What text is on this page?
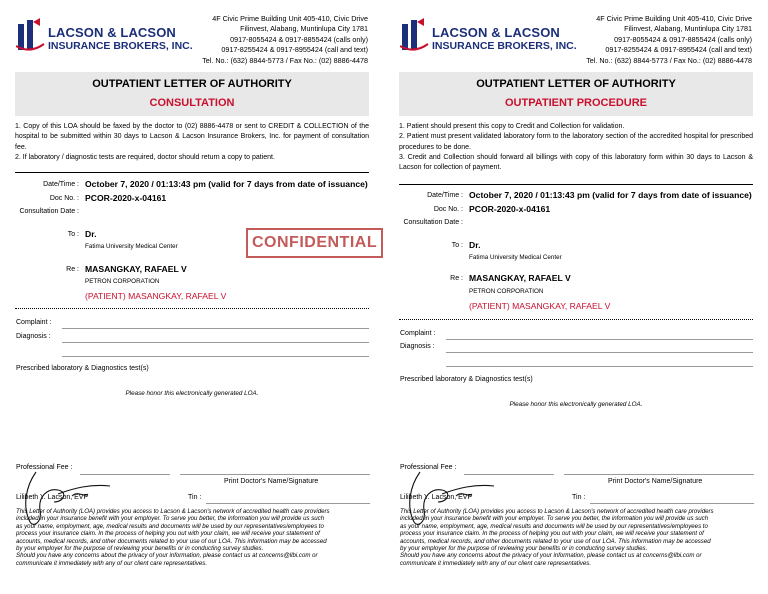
LACSON & LACSON
INSURANCE BROKERS, INC.
4F Civic Prime Building Unit 405-410, Civic Drive
Filinvest, Alabang, Muntinlupa City 1781
0917-8055424 & 0917-8855424 (calls only)
0917-8255424 & 0917-8955424 (call and text)
Tel. No.: (632) 8844-5773 / Fax No.: (02) 8886-4478
OUTPATIENT LETTER OF AUTHORITY
CONSULTATION
1. Copy of this LOA should be faxed by the doctor to (02) 8886-4478 or sent to CREDIT & COLLECTION of the hospital to be submitted within 30 days to Lacson & Lacson Insurance Brokers, Inc. for payment of consultation fee.
2. If laboratory / diagnostic tests are required, doctor should return a copy to patient.
Date/Time : October 7, 2020 / 01:13:43 pm (valid for 7 days from date of issuance)
Doc No. : PCOR-2020-x-04161
Consultation Date :
To : Dr.
Fatima University Medical Center	CONFIDENTIAL
Re : MASANGKAY, RAFAEL V
PETRON CORPORATION
(PATIENT) MASANGKAY, RAFAEL V
Complaint :
Diagnosis :
Prescribed laboratory & Diagnostics test(s)
Please honor this electronically generated LOA.
Professional Fee :
Print Doctor's Name/Signature
Lilibeth Y. Lacson, EVP	Tin :
This Letter of Authority (LOA) provides you access to Lacson & Lacson's network of accredited health care providers
included in your insurance benefit with your employer. To serve you better, the information you will provide us such
as your name, employment, age, medical results and documents will be used by our representatives/employees to
process your insurance claim. In the process of helping you out with your claim, we will receive your statement of
accounts, medical records, and other documents related to your use of our LOA. This information may be accessed
by your employer for the purpose of reviewing your benefits or in conducting survey studies.
Should you have any concerns about the privacy of your information, please contact us at concerns@llbi.com or
communicate it immediately with any of our client care representatives.
LACSON & LACSON
INSURANCE BROKERS, INC.
4F Civic Prime Building Unit 405-410, Civic Drive
Filinvest, Alabang, Muntinlupa City 1781
0917-8055424 & 0917-8855424 (calls only)
0917-8255424 & 0917-8955424 (call and text)
Tel. No.: (632) 8844-5773 / Fax No.: (02) 8886-4478
OUTPATIENT LETTER OF AUTHORITY
OUTPATIENT PROCEDURE
1. Patient should present this copy to Credit and Collection for validation.
2. Patient must present validated laboratory form to the laboratory section of the accredited hospital for prescribed procedures to be done.
3. Credit and Collection should forward all billings with copy of this laboratory form within 30 days to Lacson & Lacson for collection of payment.
Date/Time : October 7, 2020 / 01:13:43 pm (valid for 7 days from date of issuance)
Doc No. : PCOR-2020-x-04161
Consultation Date :
To : Dr.
Fatima University Medical Center
Re : MASANGKAY, RAFAEL V
PETRON CORPORATION
(PATIENT) MASANGKAY, RAFAEL V
Complaint :
Diagnosis :
Prescribed laboratory & Diagnostics test(s)
Please honor this electronically generated LOA.
Professional Fee :
Print Doctor's Name/Signature
Lilibeth Y. Lacson, EVP	Tin :
This Letter of Authority (LOA) provides you access to Lacson & Lacson's network of accredited health care providers
included in your insurance benefit with your employer. To serve you better, the information you will provide us such
as your name, employment, age, medical results and documents will be used by our representatives/employees to
process your insurance claim. In the process of helping you out with your claim, we will receive your statement of
accounts, medical records, and other documents related to your use of our LOA. This information may be accessed
by your employer for the purpose of reviewing your benefits or in conducting survey studies.
Should you have any concerns about the privacy of your information, please contact us at concerns@llbi.com or
communicate it immediately with any of our client care representatives.
